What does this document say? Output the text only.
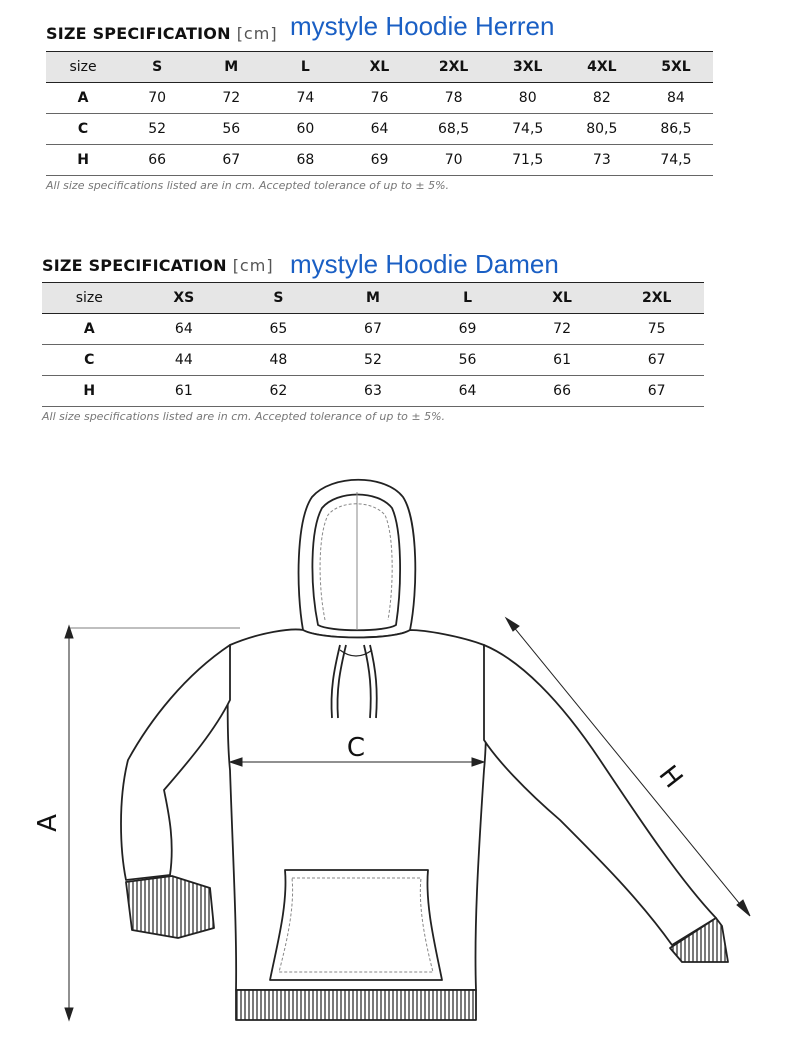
SIZE SPECIFICATION [cm] mystyle Hoodie Herren
size	S	M	L	XL	2XL	3XL	4XL	5XL
A	70	72	74	76	78	80	82	84
C	52	56	60	64	68,5	74,5	80,5	86,5
H	66	67	68	69	70	71,5	73	74,5
All size specifications listed are in cm. Accepted tolerance of up to ± 5%.
SIZE SPECIFICATION [cm] mystyle Hoodie Damen
size	XS	S	M	L	XL	2XL
A	64	65	67	69	72	75
C	44	48	52	56	61	67
H	61	62	63	64	66	67
All size specifications listed are in cm. Accepted tolerance of up to ± 5%.
A
C
H
